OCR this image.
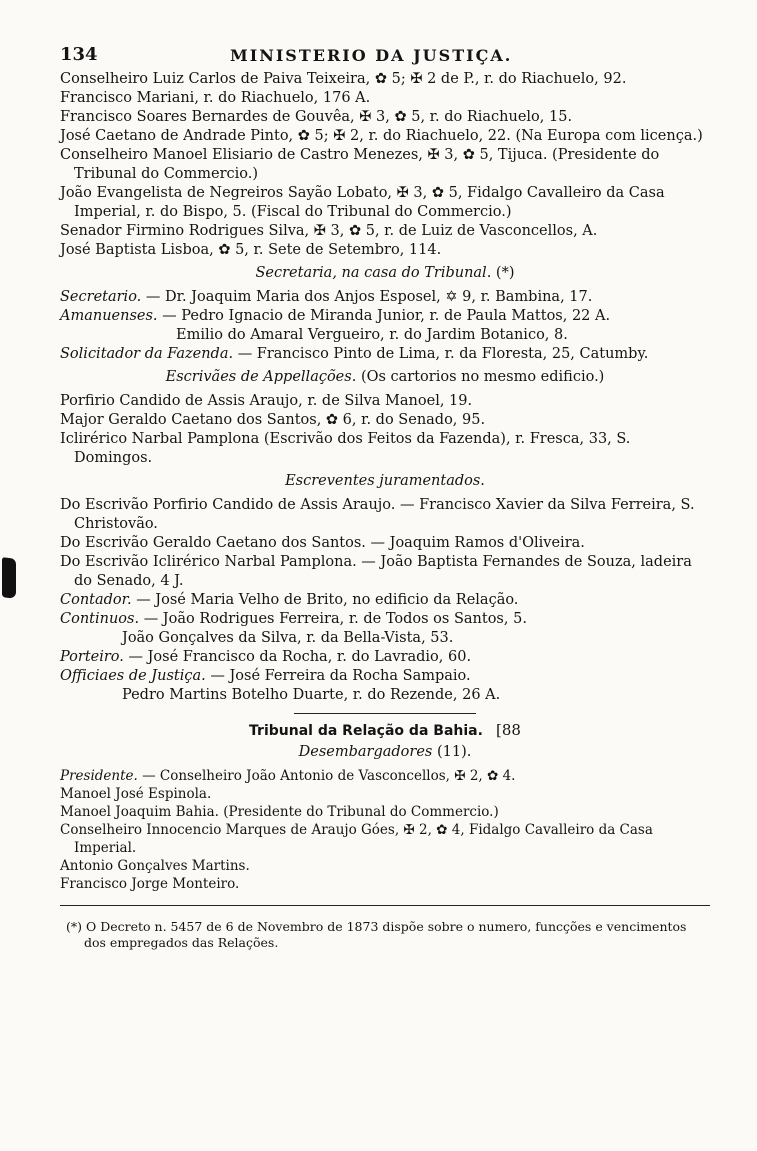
134	MINISTERIO DA JUSTIÇA.

Conselheiro Luiz Carlos de Paiva Teixeira, ✿ 5; ✠ 2 de P., r. do Riachuelo, 92.

Francisco Mariani, r. do Riachuelo, 176 A.

Francisco Soares Bernardes de Gouvêa, ✠ 3, ✿ 5, r. do Riachuelo, 15.

José Caetano de Andrade Pinto, ✿ 5; ✠ 2, r. do Riachuelo, 22. (Na Europa com licença.)

Conselheiro Manoel Elisiario de Castro Menezes, ✠ 3, ✿ 5, Tijuca. (Presidente do Tribunal do Commercio.)

João Evangelista de Negreiros Sayão Lobato, ✠ 3, ✿ 5, Fidalgo Cavalleiro da Casa Imperial, r. do Bispo, 5. (Fiscal do Tribunal do Commercio.)

Senador Firmino Rodrigues Silva, ✠ 3, ✿ 5, r. de Luiz de Vasconcellos, A.

José Baptista Lisboa, ✿ 5, r. Sete de Setembro, 114.

Secretaria, na casa do Tribunal. (*)

Secretario. — Dr. Joaquim Maria dos Anjos Esposel, ✡ 9, r. Bambina, 17.

Amanuenses. — Pedro Ignacio de Miranda Junior, r. de Paula Mattos, 22 A.

Emilio do Amaral Vergueiro, r. do Jardim Botanico, 8.

Solicitador da Fazenda. — Francisco Pinto de Lima, r. da Floresta, 25, Catumby.

Escrivães de Appellações. (Os cartorios no mesmo edificio.)

Porfirio Candido de Assis Araujo, r. de Silva Manoel, 19.

Major Geraldo Caetano dos Santos, ✿ 6, r. do Senado, 95.

Iclirérico Narbal Pamplona (Escrivão dos Feitos da Fazenda), r. Fresca, 33, S. Domingos.

Escreventes juramentados.

Do Escrivão Porfirio Candido de Assis Araujo. — Francisco Xavier da Silva Ferreira, S. Christovão.

Do Escrivão Geraldo Caetano dos Santos. — Joaquim Ramos d'Oliveira.

Do Escrivão Iclirérico Narbal Pamplona. — João Baptista Fernandes de Souza, ladeira do Senado, 4 J.

Contador. — José Maria Velho de Brito, no edificio da Relação.

Continuos. — João Rodrigues Ferreira, r. de Todos os Santos, 5.

João Gonçalves da Silva, r. da Bella-Vista, 53.

Porteiro. — José Francisco da Rocha, r. do Lavradio, 60.

Officiaes de Justiça. — José Ferreira da Rocha Sampaio.

Pedro Martins Botelho Duarte, r. do Rezende, 26 A.

Tribunal da Relação da Bahia. [88
Desembargadores (11).

Presidente. — Conselheiro João Antonio de Vasconcellos, ✠ 2, ✿ 4.

Manoel José Espinola.

Manoel Joaquim Bahia. (Presidente do Tribunal do Commercio.)

Conselheiro Innocencio Marques de Araujo Góes, ✠ 2, ✿ 4, Fidalgo Cavalleiro da Casa Imperial.

Antonio Gonçalves Martins.

Francisco Jorge Monteiro.

(*) O Decreto n. 5457 de 6 de Novembro de 1873 dispõe sobre o numero, funcções e vencimentos dos empregados das Relações.
